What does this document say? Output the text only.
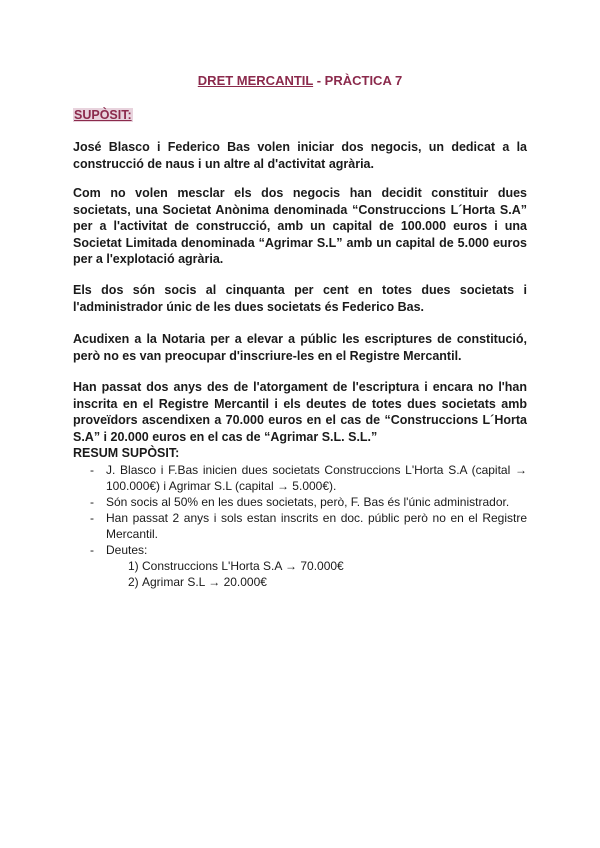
DRET MERCANTIL - PRÀCTICA 7
SUPÒSIT:
José Blasco i Federico Bas volen iniciar dos negocis, un dedicat a la construcció de naus i un altre al d'activitat agrària.
Com no volen mesclar els dos negocis han decidit constituir dues societats, una Societat Anònima denominada “Construccions L´Horta S.A” per a l'activitat de construcció, amb un capital de 100.000 euros i una Societat Limitada denominada “Agrimar S.L” amb un capital de 5.000 euros per a l'explotació agrària.
Els dos són socis al cinquanta per cent en totes dues societats i l'administrador únic de les dues societats és Federico Bas.
Acudixen a la Notaria per a elevar a públic les escriptures de constitució, però no es van preocupar d'inscriure-les en el Registre Mercantil.
Han passat dos anys des de l'atorgament de l'escriptura i encara no l'han inscrita en el Registre Mercantil i els deutes de totes dues societats amb proveïdors ascendixen a 70.000 euros en el cas de “Construccions L´Horta S.A” i 20.000 euros en el cas de “Agrimar S.L. S.L.”
RESUM SUPÒSIT:
- J. Blasco i F.Bas inicien dues societats Construccions L'Horta S.A (capital → 100.000€) i Agrimar S.L (capital → 5.000€).
- Són socis al 50% en les dues societats, però, F. Bas és l'únic administrador.
- Han passat 2 anys i sols estan inscrits en doc. públic però no en el Registre Mercantil.
- Deutes:
1) Construccions L'Horta S.A → 70.000€
2) Agrimar S.L → 20.000€
